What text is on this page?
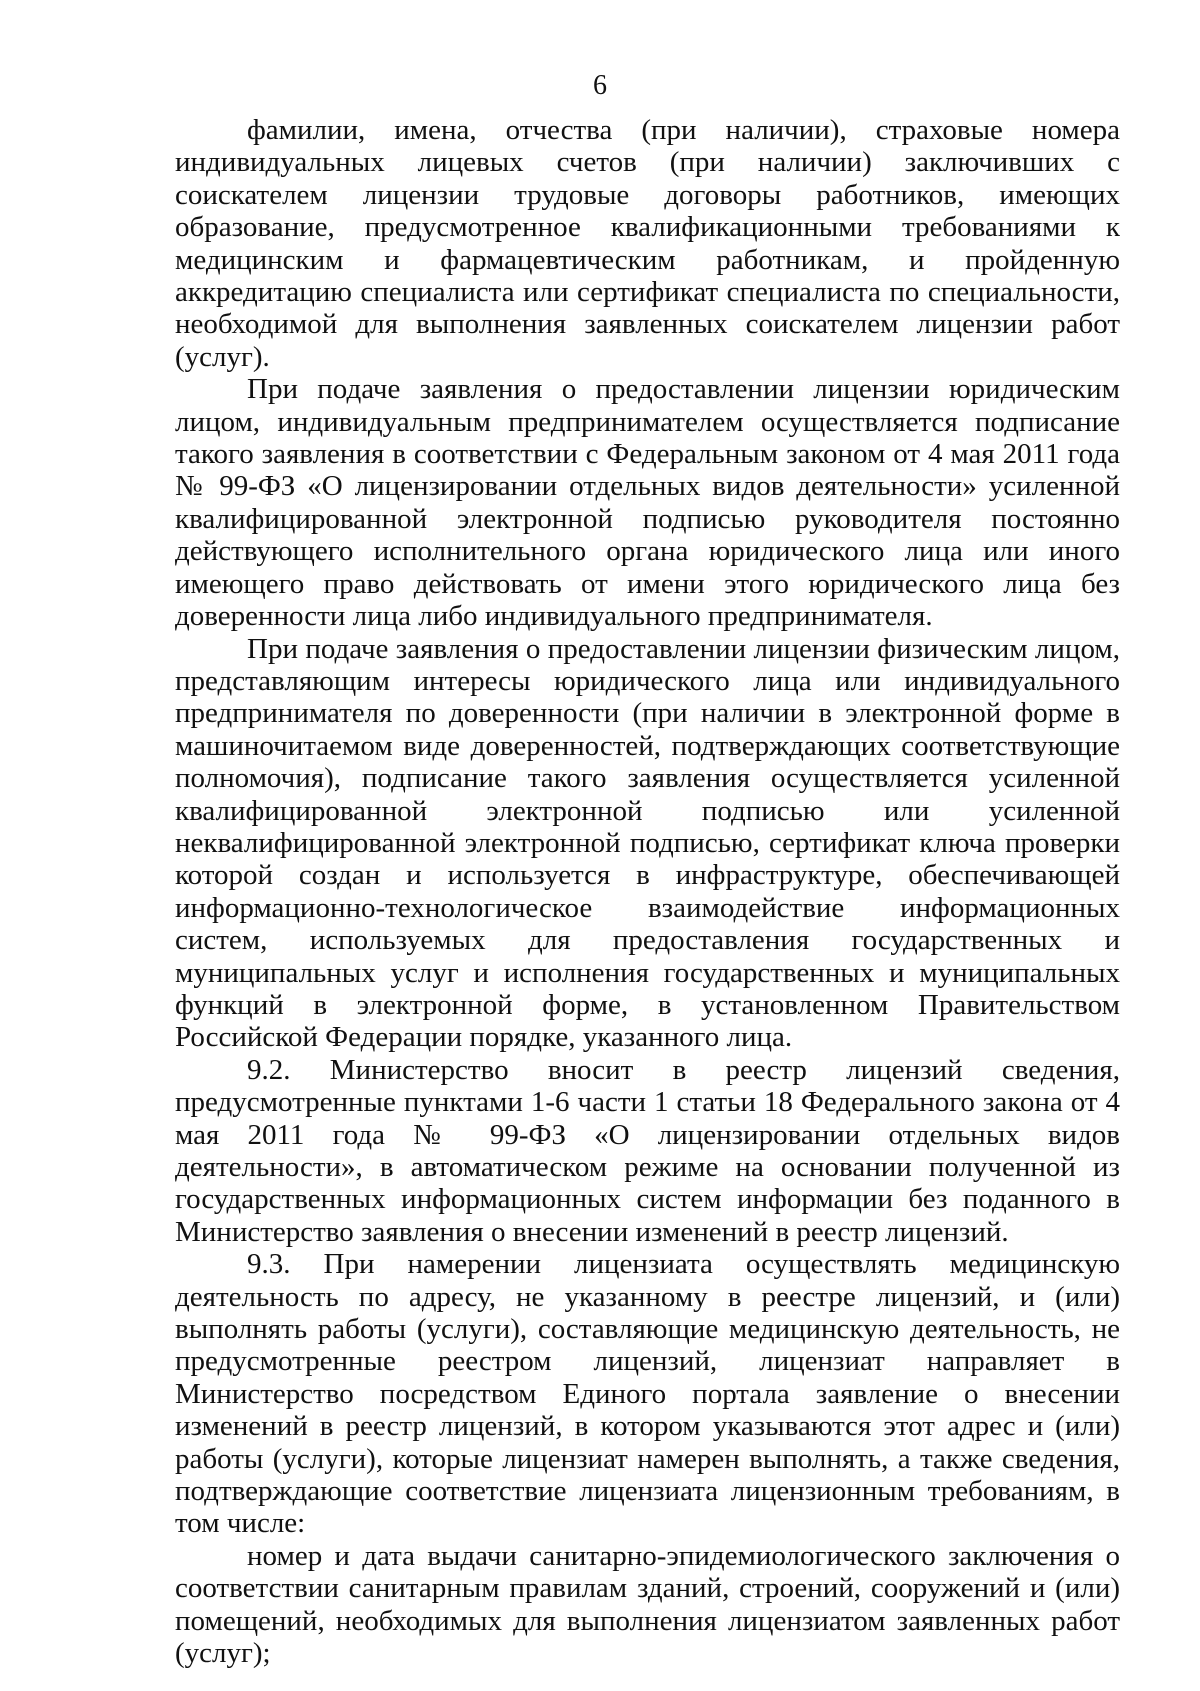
6

фамилии, имена, отчества (при наличии), страховые номера индивидуальных лицевых счетов (при наличии) заключивших с соискателем лицензии трудовые договоры работников, имеющих образование, предусмотренное квалификационными требованиями к медицинским и фармацевтическим работникам, и пройденную аккредитацию специалиста или сертификат специалиста по специальности, необходимой для выполнения заявленных соискателем лицензии работ (услуг).

При подаче заявления о предоставлении лицензии юридическим лицом, индивидуальным предпринимателем осуществляется подписание такого заявления в соответствии с Федеральным законом от 4 мая 2011 года № 99-ФЗ «О лицензировании отдельных видов деятельности» усиленной квалифицированной электронной подписью руководителя постоянно действующего исполнительного органа юридического лица или иного имеющего право действовать от имени этого юридического лица без доверенности лица либо индивидуального предпринимателя.

При подаче заявления о предоставлении лицензии физическим лицом, представляющим интересы юридического лица или индивидуального предпринимателя по доверенности (при наличии в электронной форме в машиночитаемом виде доверенностей, подтверждающих соответствующие полномочия), подписание такого заявления осуществляется усиленной квалифицированной электронной подписью или усиленной неквалифицированной электронной подписью, сертификат ключа проверки которой создан и используется в инфраструктуре, обеспечивающей информационно-технологическое взаимодействие информационных систем, используемых для предоставления государственных и муниципальных услуг и исполнения государственных и муниципальных функций в электронной форме, в установленном Правительством Российской Федерации порядке, указанного лица.

9.2. Министерство вносит в реестр лицензий сведения, предусмотренные пунктами 1-6 части 1 статьи 18 Федерального закона от 4 мая 2011 года № 99-ФЗ «О лицензировании отдельных видов деятельности», в автоматическом режиме на основании полученной из государственных информационных систем информации без поданного в Министерство заявления о внесении изменений в реестр лицензий.

9.3. При намерении лицензиата осуществлять медицинскую деятельность по адресу, не указанному в реестре лицензий, и (или) выполнять работы (услуги), составляющие медицинскую деятельность, не предусмотренные реестром лицензий, лицензиат направляет в Министерство посредством Единого портала заявление о внесении изменений в реестр лицензий, в котором указываются этот адрес и (или) работы (услуги), которые лицензиат намерен выполнять, а также сведения, подтверждающие соответствие лицензиата лицензионным требованиям, в том числе:

номер и дата выдачи санитарно-эпидемиологического заключения о соответствии санитарным правилам зданий, строений, сооружений и (или) помещений, необходимых для выполнения лицензиатом заявленных работ (услуг);
